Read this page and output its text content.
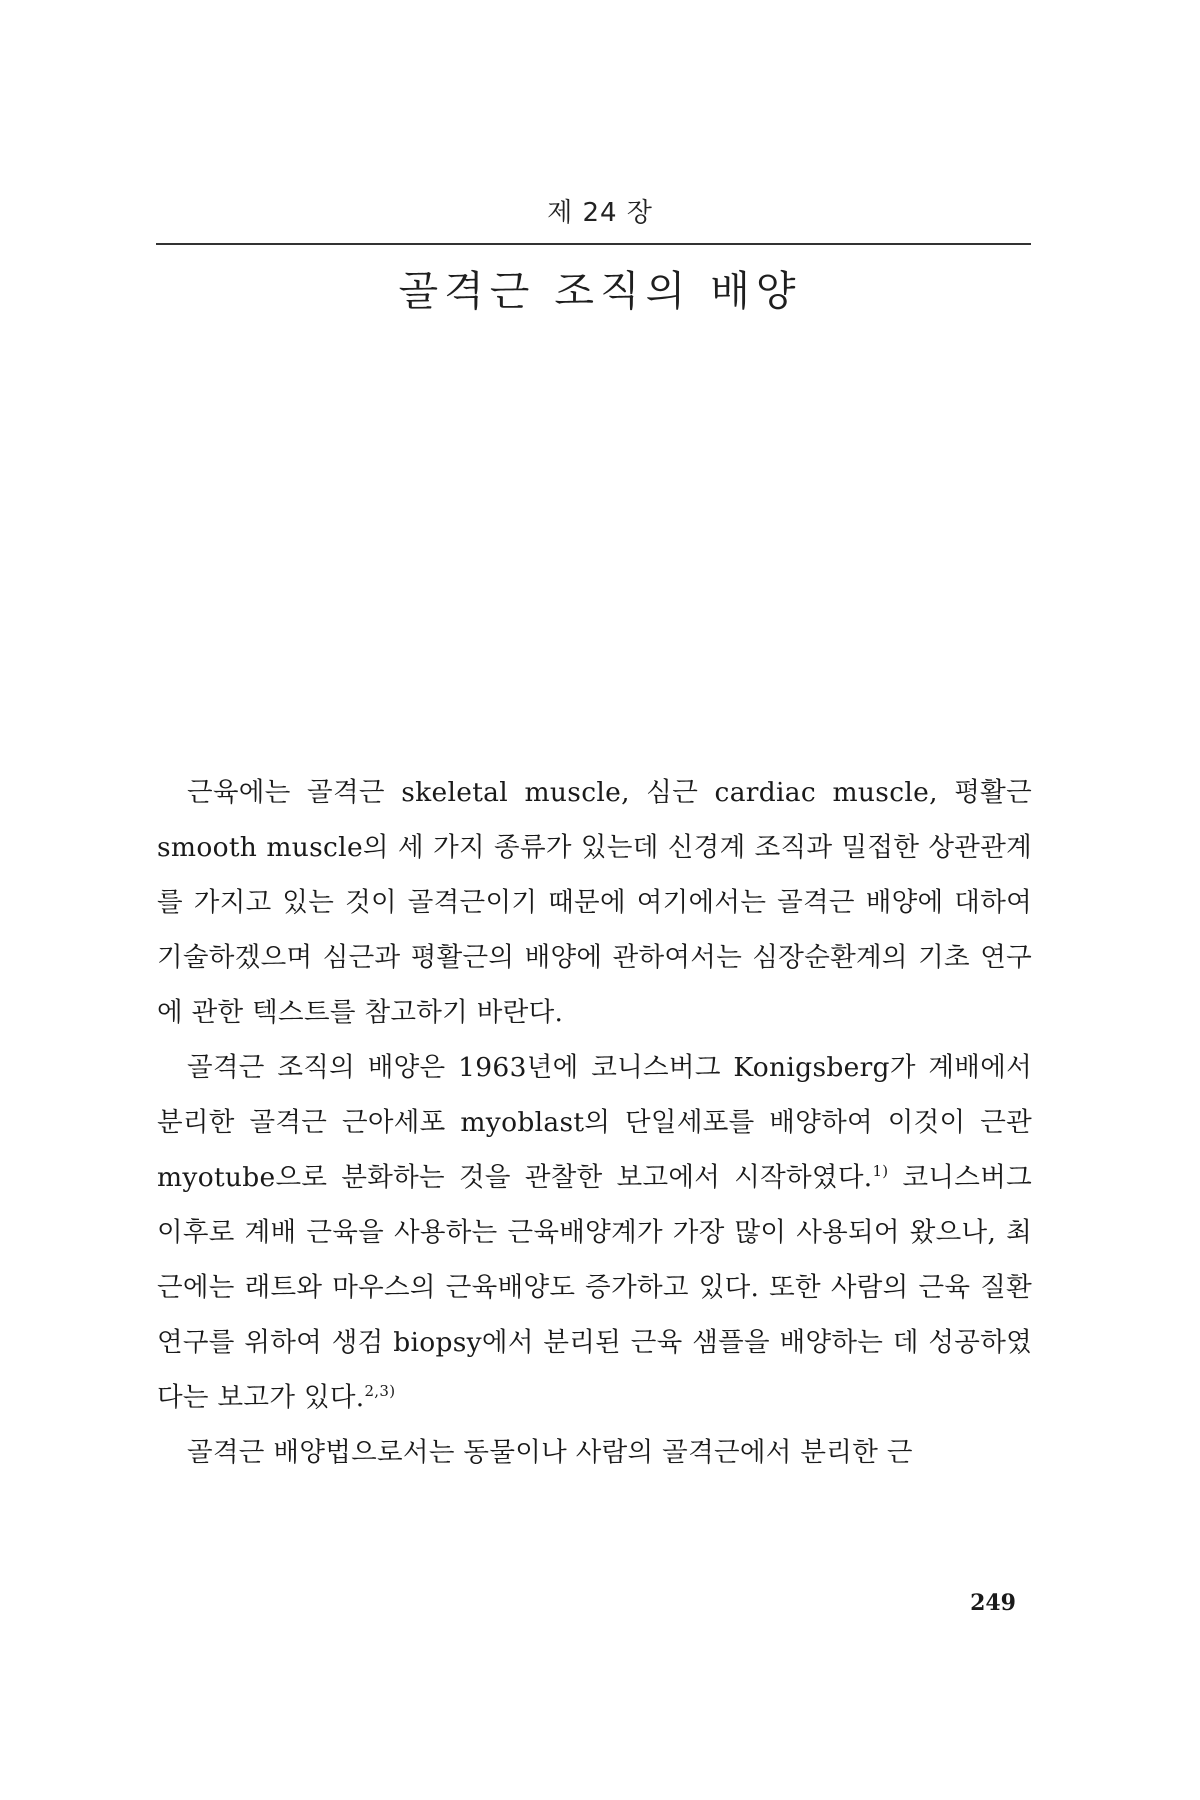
제 24 장
골격근 조직의 배양

근육에는 골격근 skeletal muscle, 심근 cardiac muscle, 평활근 smooth muscle의 세 가지 종류가 있는데 신경계 조직과 밀접한 상관관계를 가지고 있는 것이 골격근이기 때문에 여기에서는 골격근 배양에 대하여 기술하겠으며 심근과 평활근의 배양에 관하여서는 심장순환계의 기초 연구에 관한 텍스트를 참고하기 바란다.

골격근 조직의 배양은 1963년에 코니스버그 Konigsberg가 계배에서 분리한 골격근 근아세포 myoblast의 단일세포를 배양하여 이것이 근관 myotube으로 분화하는 것을 관찰한 보고에서 시작하였다.$^{1)}$ 코니스버그 이후로 계배 근육을 사용하는 근육배양계가 가장 많이 사용되어 왔으나, 최근에는 래트와 마우스의 근육배양도 증가하고 있다. 또한 사람의 근육 질환 연구를 위하여 생검 biopsy에서 분리된 근육 샘플을 배양하는 데 성공하였다는 보고가 있다.$^{2,3)}$

골격근 배양법으로서는 동물이나 사람의 골격근에서 분리한 근

249
